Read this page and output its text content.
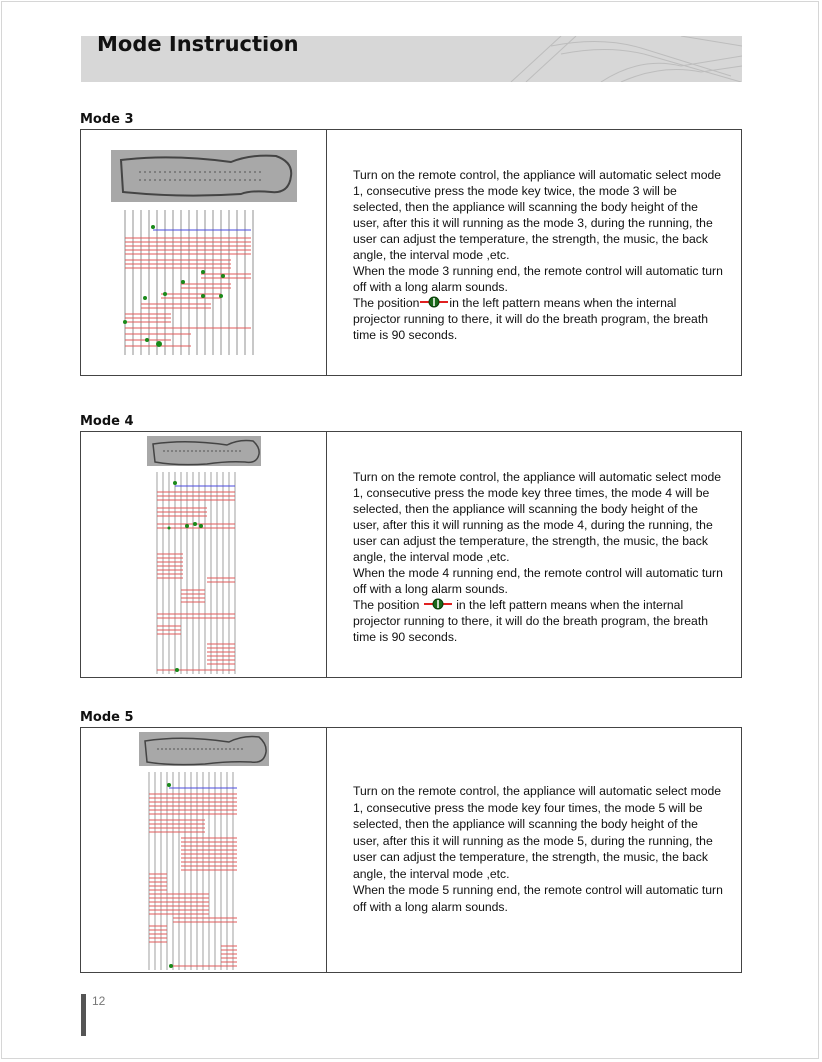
Mode Instruction
Mode 3

Turn on the remote control, the appliance will automatic select mode 1, consecutive press the mode key twice, the mode 3 will be selected, then the appliance will scanning the body height of the user, after this it will running as the mode 3, during the running, the user can adjust the temperature, the strength, the music, the back angle, the interval mode ,etc.

When the mode 3 running end, the remote control will automatic turn off with a long alarm sounds.

The position in the left pattern means when the internal projector running to there, it will do the breath program, the breath time is 90 seconds.

Mode 4

Turn on the remote control, the appliance will automatic select mode 1, consecutive press the mode key three times, the mode 4 will be selected, then the appliance will scanning the body height of the user, after this it will running as the mode 4, during the running, the user can adjust the temperature, the strength, the music, the back angle, the interval mode ,etc.

When the mode 4 running end, the remote control will automatic turn off with a long alarm sounds.

The position	in the left pattern means when the internal projector running to there, it will do the breath program, the breath time is 90 seconds.

Mode 5

Turn on the remote control, the appliance will automatic select mode 1, consecutive press the mode key four times, the mode 5 will be selected, then the appliance will scanning the body height of the user, after this it will running as the mode 5, during the running, the user can adjust the temperature, the strength, the music, the back angle, the interval mode ,etc.

When the mode 5 running end, the remote control will automatic turn off with a long alarm sounds.

12
